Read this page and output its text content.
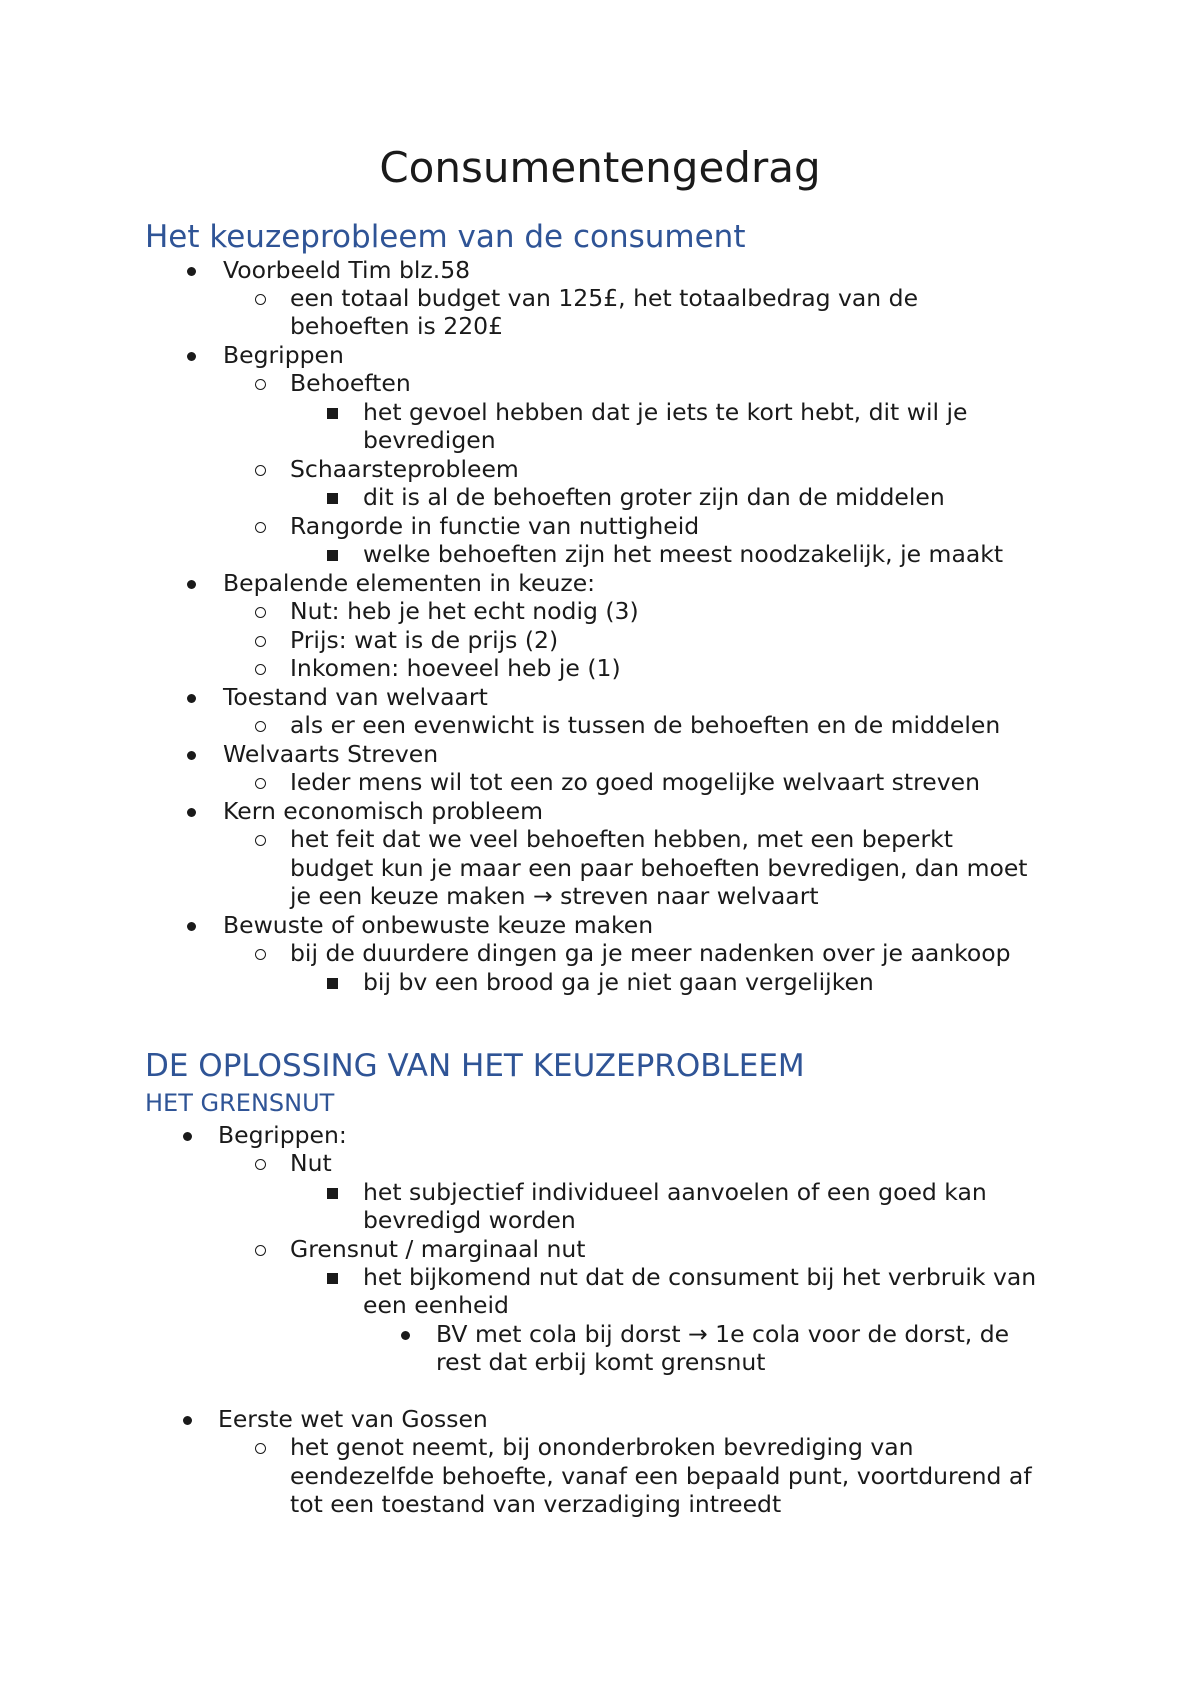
Consumentengedrag
Het keuzeprobleem van de consument
Voorbeeld Tim blz.58
een totaal budget van 125£, het totaalbedrag van de
behoeften is 220£
Begrippen
Behoeften
het gevoel hebben dat je iets te kort hebt, dit wil je
bevredigen
Schaarsteprobleem
dit is al de behoeften groter zijn dan de middelen
Rangorde in functie van nuttigheid
welke behoeften zijn het meest noodzakelijk, je maakt
Bepalende elementen in keuze:
Nut: heb je het echt nodig (3)
Prijs: wat is de prijs (2)
Inkomen: hoeveel heb je (1)
Toestand van welvaart
als er een evenwicht is tussen de behoeften en de middelen
Welvaarts Streven
Ieder mens wil tot een zo goed mogelijke welvaart streven
Kern economisch probleem
het feit dat we veel behoeften hebben, met een beperkt
budget kun je maar een paar behoeften bevredigen, dan moet
je een keuze maken → streven naar welvaart
Bewuste of onbewuste keuze maken
bij de duurdere dingen ga je meer nadenken over je aankoop
bij bv een brood ga je niet gaan vergelijken
DE OPLOSSING VAN HET KEUZEPROBLEEM
HET GRENSNUT
Begrippen:
Nut
het subjectief individueel aanvoelen of een goed kan
bevredigd worden
Grensnut / marginaal nut
het bijkomend nut dat de consument bij het verbruik van
een eenheid
BV met cola bij dorst → 1e cola voor de dorst, de
rest dat erbij komt grensnut
Eerste wet van Gossen
het genot neemt, bij ononderbroken bevrediging van
eendezelfde behoefte, vanaf een bepaald punt, voortdurend af
tot een toestand van verzadiging intreedt
